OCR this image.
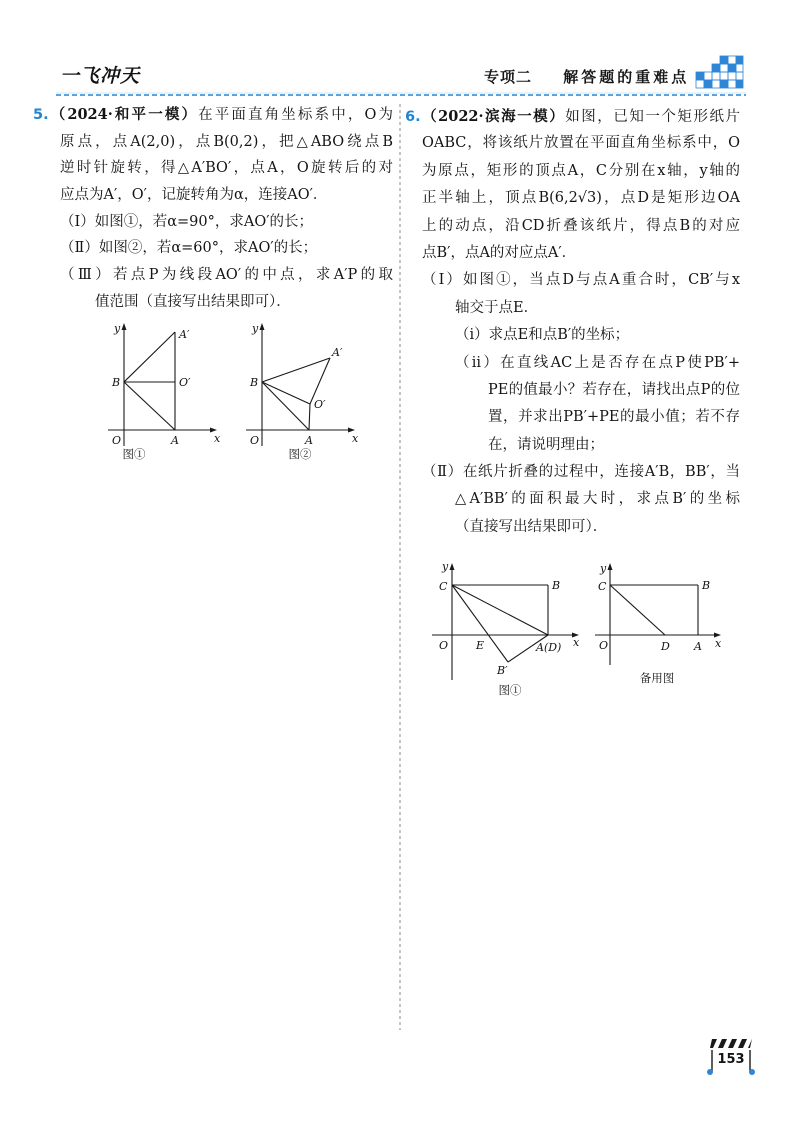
一飞冲天	专项二 解答题的重难点
5.（2024·和平一模）在平面直角坐标系中，O为
原点，点A(2,0)，点B(0,2)，把△ABO绕点B
逆时针旋转，得△A′BO′，点A，O旋转后的对
应点为A′，O′，记旋转角为α，连接AO′．
（Ⅰ）如图①，若α=90°，求AO′的长；
（Ⅱ）如图②，若α=60°，求AO′的长；
（Ⅲ）若点P为线段AO′的中点，求A′P的取
值范围（直接写出结果即可）．
y
x
O	A
B
A′
O′
图①
y
x
O	A
B
A′
O′
图②
6.（2022·滨海一模）如图，已知一个矩形纸片
OABC，将该纸片放置在平面直角坐标系中，O
为原点，矩形的顶点A，C分别在x轴，y轴的
正半轴上，顶点B(6,2√3)，点D是矩形边OA
上的动点，沿CD折叠该纸片，得点B的对应
点B′，点A的对应点A′．
（Ⅰ）如图①，当点D与点A重合时，CB′与x
轴交于点E．
（ⅰ）求点E和点B′的坐标；
（ⅱ）在直线AC上是否存在点P使PB′+
PE的值最小？若存在，请找出点P的位
置，并求出PB′+PE的最小值；若不存
在，请说明理由；
（Ⅱ）在纸片折叠的过程中，连接A′B，BB′，当
△A′BB′的面积最大时，求点B′的坐标
（直接写出结果即可）．
y
x
O
C	B
E	A(D)
B′
图①
y
x
O
C	B
D A
备用图
153
